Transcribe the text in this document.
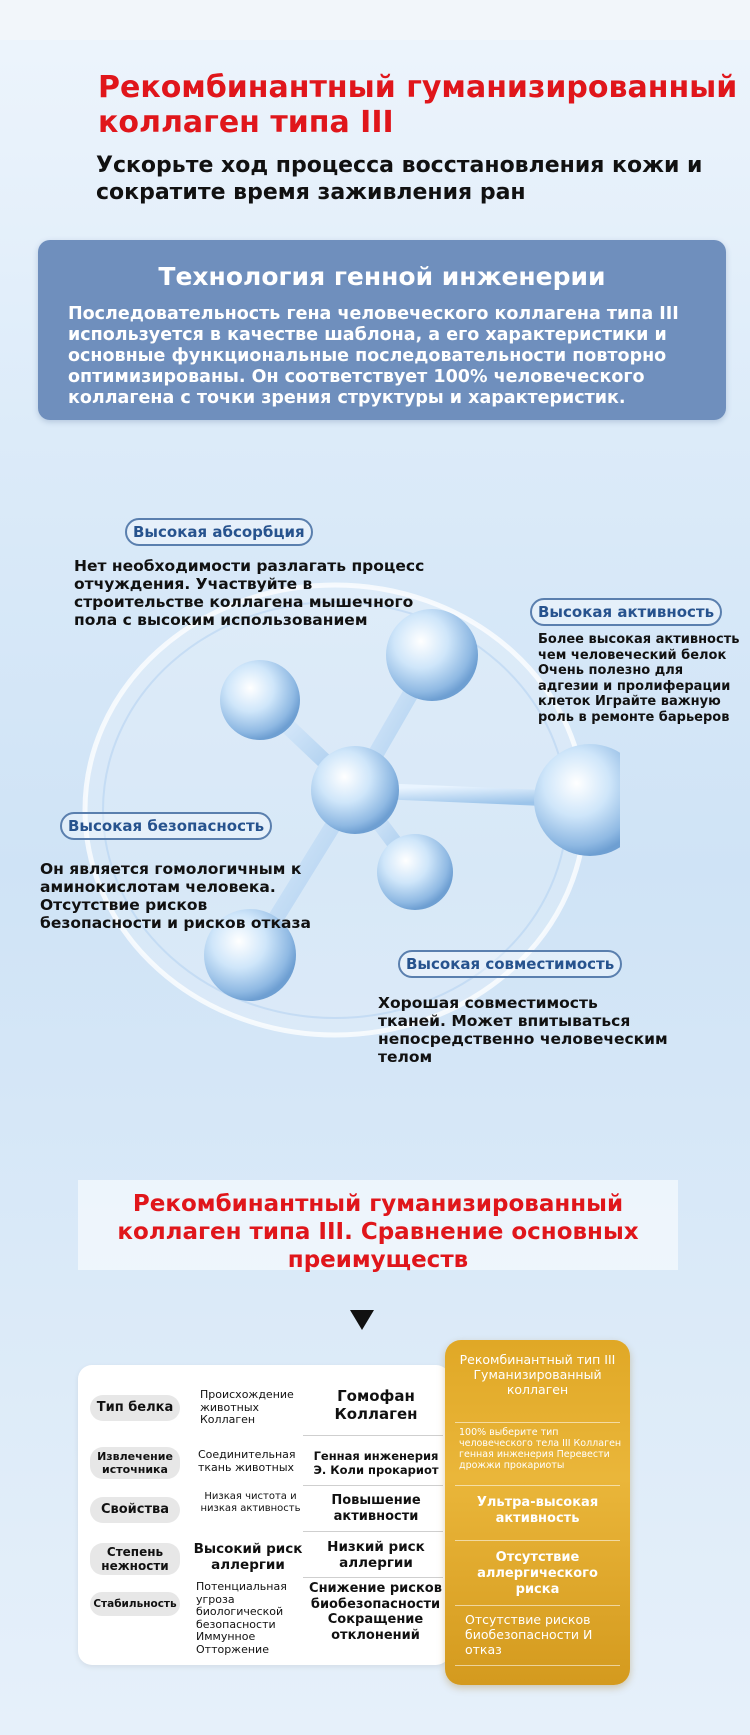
Рекомбинантный гуманизированный коллаген типа III
Ускорьте ход процесса восстановления кожи и сократите время заживления ран
Технология генной инженерии
Последовательность гена человеческого коллагена типа III используется в качестве шаблона, а его характеристики и основные функциональные последовательности повторно оптимизированы. Он соответствует 100% человеческого коллагена с точки зрения структуры и характеристик.
Высокая абсорбция
Нет необходимости разлагать процесс отчуждения. Участвуйте в строительстве коллагена мышечного пола с высоким использованием	Высокая активность
Более высокая активность чем человеческий белок Очень полезно для адгезии и пролиферации клеток Играйте важную роль в ремонте барьеров
Высокая безопасность
Он является гомологичным к аминокислотам человека. Отсутствие рисков безопасности и рисков отказа
Высокая совместимость
Хорошая совместимость тканей. Может впитываться непосредственно человеческим телом
Рекомбинантный гуманизированный коллаген типа III. Сравнение основных преимуществ
Тип белка
Происхождение животных Коллаген
Гомофан Коллаген
Извлечение источника
Соединительная ткань животных
Генная инженерия Э. Коли прокариот
Свойства
Низкая чистота и низкая активность	Повышение активности
Степень нежности
Высокий риск аллергии
Низкий риск аллергии
Стабильность
Потенциальная угроза биологической безопасности Иммунное Отторжение
Снижение рисков биобезопасности Сокращение отклонений
Рекомбинантный тип III Гуманизированный коллаген
100% выберите тип человеческого тела III Коллаген генная инженерия Перевести дрожжи прокариоты
Ультра-высокая активность
Отсутствие аллергического риска
Отсутствие рисков биобезопасности И отказ
